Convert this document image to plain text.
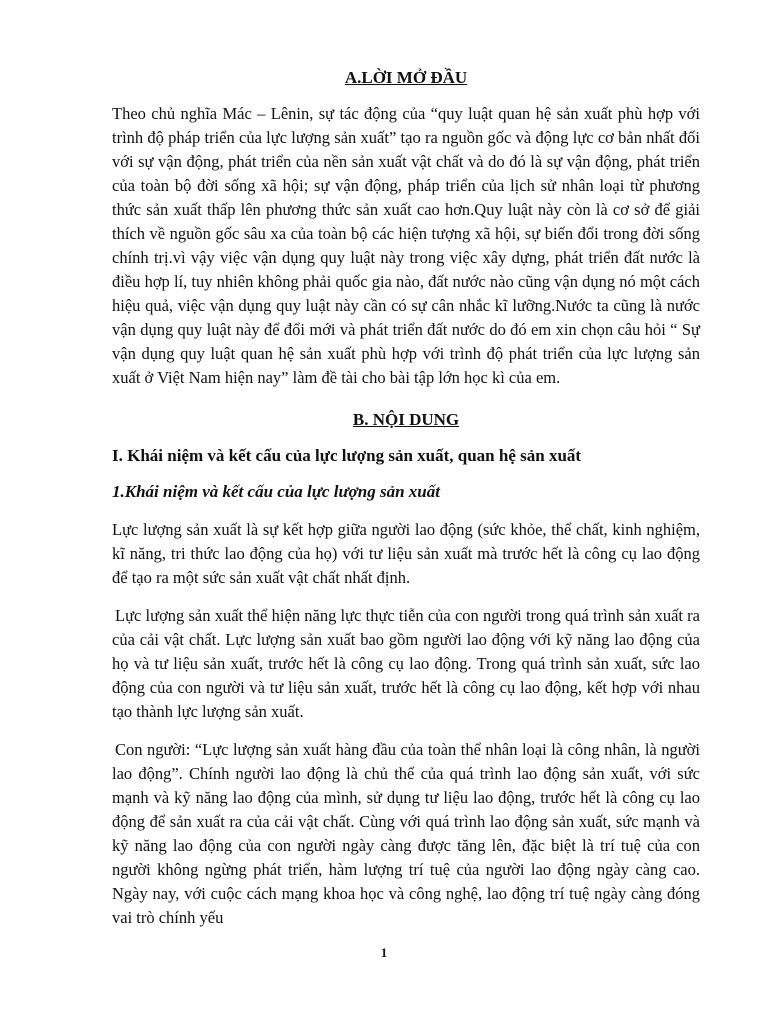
A.LỜI MỞ ĐẦU

Theo chủ nghĩa Mác – Lênin, sự tác động của “quy luật quan hệ sản xuất phù hợp với trình độ pháp triển của lực lượng sản xuất” tạo ra nguồn gốc và động lực cơ bản nhất đối với sự vận động, phát triển của nền sản xuất vật chất và do đó là sự vận động, phát triển của toàn bộ đời sống xã hội; sự vận động, pháp triển của lịch sử nhân loại từ phương thức sản xuất thấp lên phương thức sản xuất cao hơn.Quy luật này còn là cơ sở để giải thích về nguồn gốc sâu xa của toàn bộ các hiện tượng xã hội, sự biến đổi trong đời sống chính trị.vì vậy việc vận dụng quy luật này trong việc xây dựng, phát triển đất nước là điều hợp lí, tuy nhiên không phải quốc gia nào, đất nước nào cũng vận dụng nó một cách hiệu quả, việc vận dụng quy luật này cần có sự cân nhắc kĩ lưỡng.Nước ta cũng là nước vận dụng quy luật này để đổi mới và phát triển đất nước do đó em xin chọn câu hỏi “ Sự vận dụng quy luật quan hệ sản xuất phù hợp với trình độ phát triển của lực lượng sản xuất ở Việt Nam hiện nay” làm đề tài cho bài tập lớn học kì của em.

B. NỘI DUNG
I. Khái niệm và kết cấu của lực lượng sản xuất, quan hệ sản xuất
1.Khái niệm và kết cấu của lực lượng sản xuất

Lực lượng sản xuất là sự kết hợp giữa người lao động (sức khỏe, thể chất, kinh nghiệm, kĩ năng, tri thức lao động của họ) với tư liệu sản xuất mà trước hết là công cụ lao động để tạo ra một sức sản xuất vật chất nhất định.

Lực lượng sản xuất thể hiện năng lực thực tiễn của con người trong quá trình sản xuất ra của cải vật chất. Lực lượng sản xuất bao gồm người lao động với kỹ năng lao động của họ và tư liệu sản xuất, trước hết là công cụ lao động. Trong quá trình sản xuất, sức lao động của con người và tư liệu sản xuất, trước hết là công cụ lao động, kết hợp với nhau tạo thành lực lượng sản xuất.

Con người: “Lực lượng sản xuất hàng đầu của toàn thể nhân loại là công nhân, là người lao động”. Chính người lao động là chủ thể của quá trình lao động sản xuất, với sức mạnh và kỹ năng lao động của mình, sử dụng tư liệu lao động, trước hết là công cụ lao động để sản xuất ra của cải vật chất. Cùng với quá trình lao động sản xuất, sức mạnh và kỹ năng lao động của con người ngày càng được tăng lên, đặc biệt là trí tuệ của con người không ngừng phát triển, hàm lượng trí tuệ của người lao động ngày càng cao. Ngày nay, với cuộc cách mạng khoa học và công nghệ, lao động trí tuệ ngày càng đóng vai trò chính yếu

1
